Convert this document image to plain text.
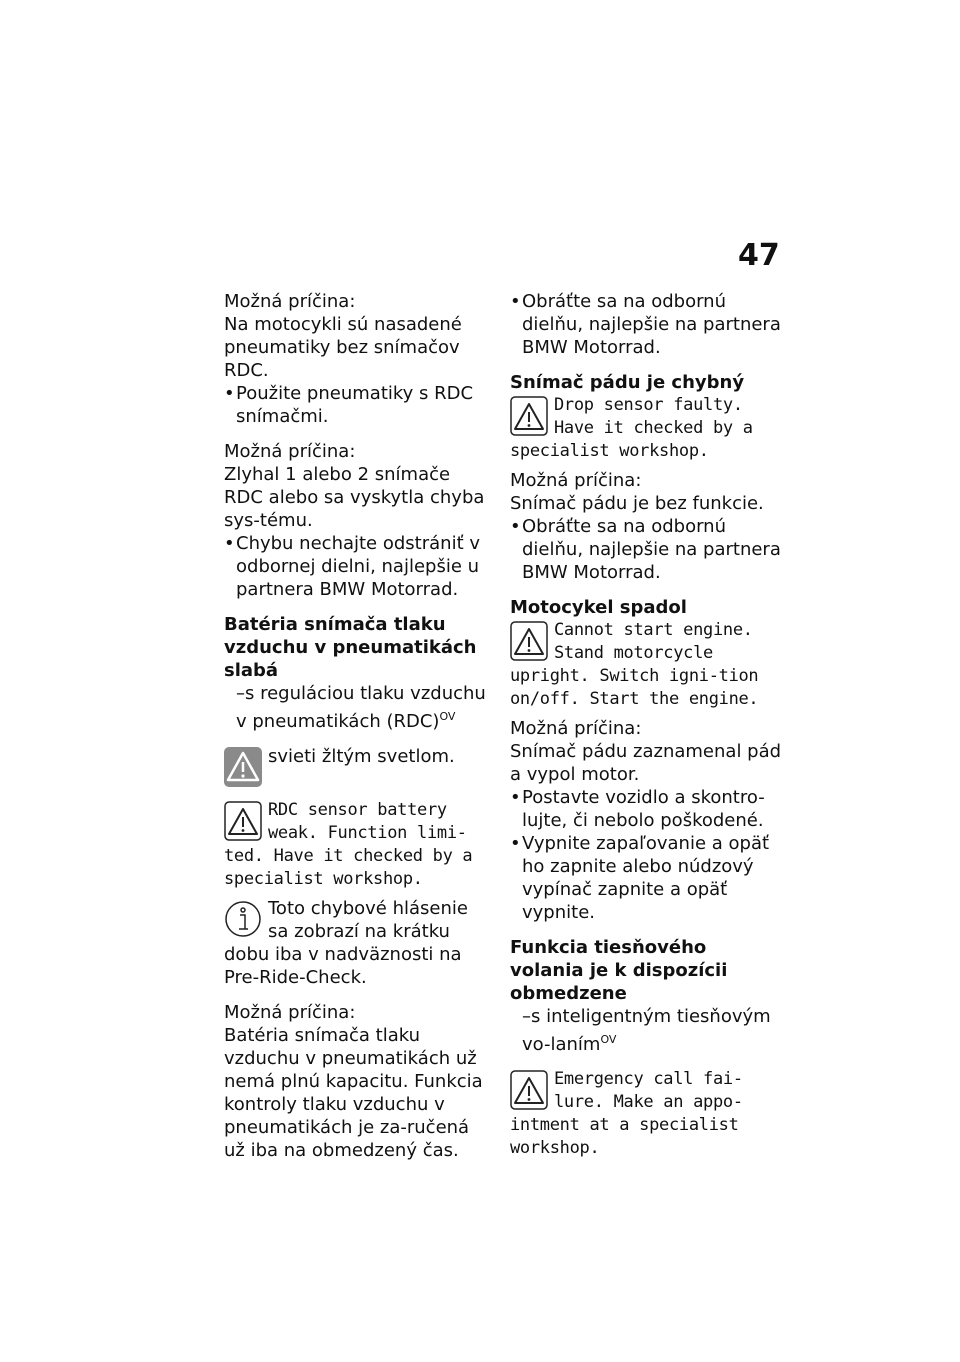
47

Možná príčina:

Na motocykli sú nasadené pneumatiky bez snímačov RDC.

• Použite pneumatiky s RDC snímačmi.

Možná príčina:

Zlyhal 1 alebo 2 snímače RDC alebo sa vyskytla chyba sys-tému.

• Chybu nechajte odstrániť v odbornej dielni, najlepšie u partnera BMW Motorrad.

Batéria snímača tlaku vzduchu v pneumatikách slabá

–s reguláciou tlaku vzduchu v pneumatikách (RDC)$^{OV}$

svieti žltým svetlom.

RDC sensor battery weak. Function limi-ted. Have it checked by a specialist workshop.

Toto chybové hlásenie sa zobrazí na krátku dobu iba v nadväznosti na Pre-Ride-Check.

Možná príčina:

Batéria snímača tlaku vzduchu v pneumatikách už nemá plnú kapacitu. Funkcia kontroly tlaku vzduchu v pneumatikách je za-ručená už iba na obmedzený čas.

• Obráťte sa na odbornú dielňu, najlepšie na partnera BMW Motorrad.

Snímač pádu je chybný

Drop sensor faulty. Have it checked by a specialist workshop.

Možná príčina:

Snímač pádu je bez funkcie.

• Obráťte sa na odbornú dielňu, najlepšie na partnera BMW Motorrad.

Motocykel spadol

Cannot start engine. Stand motorcycle upright. Switch igni-tion on/off. Start the engine.

Možná príčina:

Snímač pádu zaznamenal pád a vypol motor.

• Postavte vozidlo a skontro-lujte, či nebolo poškodené.

• Vypnite zapaľovanie a opäť ho zapnite alebo núdzový vypínač zapnite a opäť vypnite.

Funkcia tiesňového volania je k dispozícii obmedzene

–s inteligentným tiesňovým vo-laním$^{OV}$

Emergency call fai-lure. Make an appo-intment at a specialist workshop.
